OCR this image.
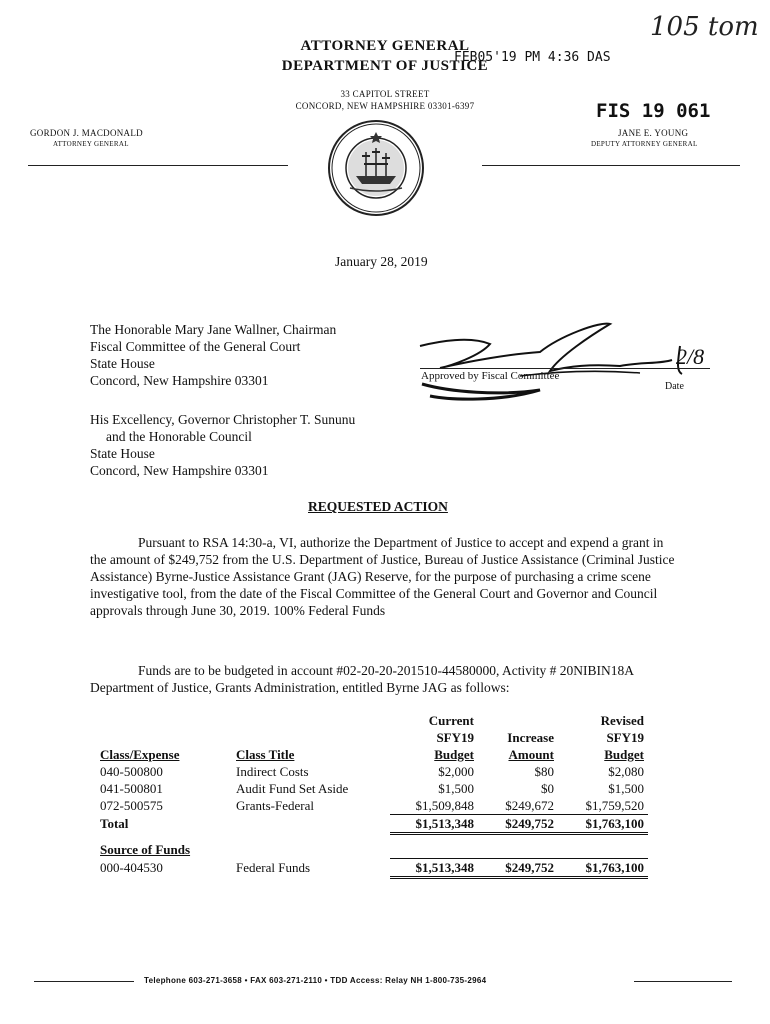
105 tom
ATTORNEY GENERAL
DEPARTMENT OF JUSTICE
FEB05'19 PM 4:36 DAS
33 CAPITOL STREET
CONCORD, NEW HAMPSHIRE 03301-6397	FIS 19 061
GORDON J. MACDONALD
ATTORNEY GENERAL
JANE E. YOUNG
DEPUTY ATTORNEY GENERAL
January 28, 2019
The Honorable Mary Jane Wallner, Chairman
Fiscal Committee of the General Court
State House
Concord, New Hampshire 03301	Approved by Fiscal Committee
Date
2/8
His Excellency, Governor Christopher T. Sununu
and the Honorable Council
State House
Concord, New Hampshire 03301
REQUESTED ACTION
Pursuant to RSA 14:30-a, VI, authorize the Department of Justice to accept and expend a grant in the amount of $249,752 from the U.S. Department of Justice, Bureau of Justice Assistance (Criminal Justice Assistance) Byrne-Justice Assistance Grant (JAG) Reserve, for the purpose of purchasing a crime scene investigative tool, from the date of the Fiscal Committee of the General Court and Governor and Council approvals through June 30, 2019. 100% Federal Funds
Funds are to be budgeted in account #02-20-20-201510-44580000, Activity # 20NIBIN18A Department of Justice, Grants Administration, entitled Byrne JAG as follows:
		Current		Revised
		SFY19	Increase	SFY19
Class/Expense	Class Title	Budget	Amount	Budget
040-500800	Indirect Costs	$2,000	$80	$2,080
041-500801	Audit Fund Set Aside	$1,500	$0	$1,500
072-500575	Grants-Federal	$1,509,848	$249,672	$1,759,520
Total		$1,513,348	$249,752	$1,763,100

Source of Funds				
000-404530	Federal Funds	$1,513,348	$249,752	$1,763,100
Telephone 603-271-3658 • FAX 603-271-2110 • TDD Access: Relay NH 1-800-735-2964
